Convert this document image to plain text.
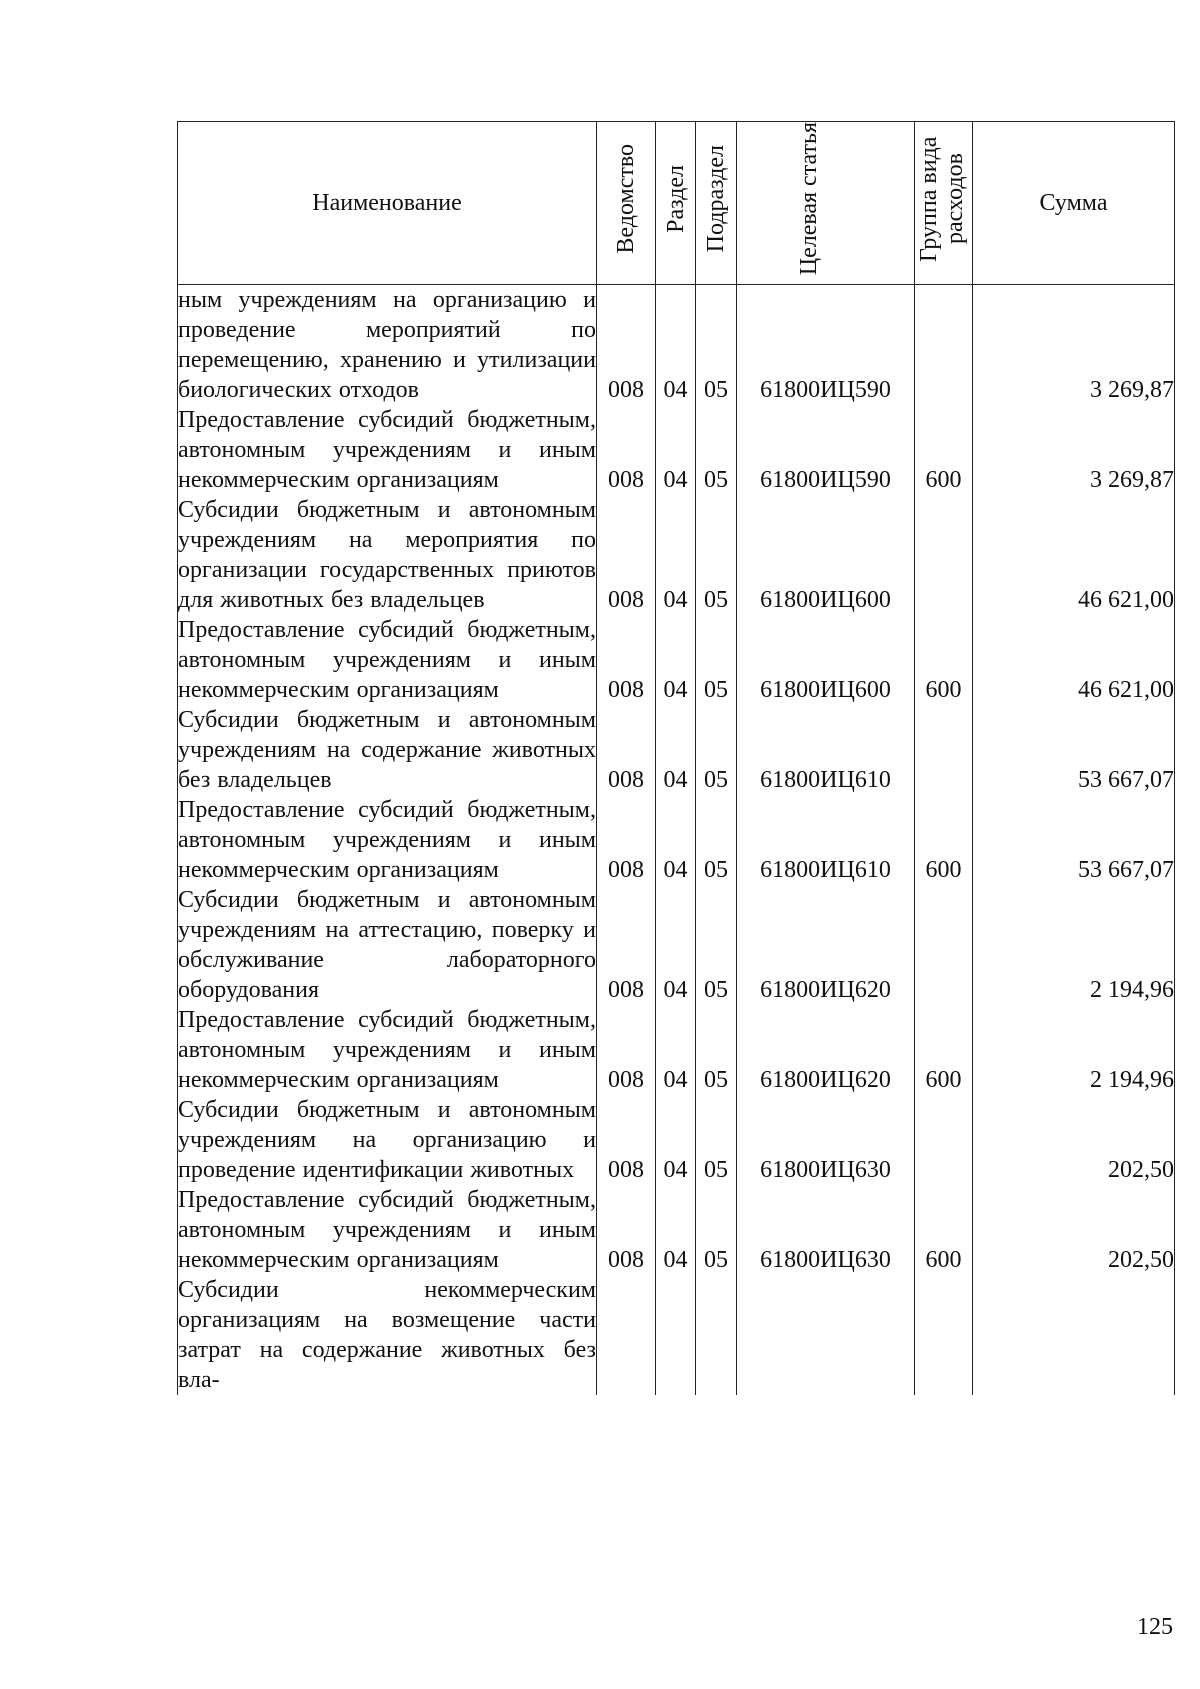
Наименование	Ведомство	Раздел	Подраздел	Целевая статья	Группа вида расходов	Сумма
ным учреждениям на организацию и проведение мероприятий по перемещению, хранению и утилизации биологических отходов	008	04	05	61800ИЦ590		3 269,87
Предоставление субсидий бюджетным, автономным учреждениям и иным некоммерческим организациям	008	04	05	61800ИЦ590	600	3 269,87
Субсидии бюджетным и автономным учреждениям на мероприятия по организации государственных приютов для животных без владельцев	008	04	05	61800ИЦ600		46 621,00
Предоставление субсидий бюджетным, автономным учреждениям и иным некоммерческим организациям	008	04	05	61800ИЦ600	600	46 621,00
Субсидии бюджетным и автономным учреждениям на содержание животных без владельцев	008	04	05	61800ИЦ610		53 667,07
Предоставление субсидий бюджетным, автономным учреждениям и иным некоммерческим организациям	008	04	05	61800ИЦ610	600	53 667,07
Субсидии бюджетным и автономным учреждениям на аттестацию, поверку и обслуживание лабораторного оборудования	008	04	05	61800ИЦ620		2 194,96
Предоставление субсидий бюджетным, автономным учреждениям и иным некоммерческим организациям	008	04	05	61800ИЦ620	600	2 194,96
Субсидии бюджетным и автономным учреждениям на организацию и проведение идентификации животных	008	04	05	61800ИЦ630		202,50
Предоставление субсидий бюджетным, автономным учреждениям и иным некоммерческим организациям	008	04	05	61800ИЦ630	600	202,50
Субсидии некоммерческим организациям на возмещение части затрат на содержание животных без вла-						
125
